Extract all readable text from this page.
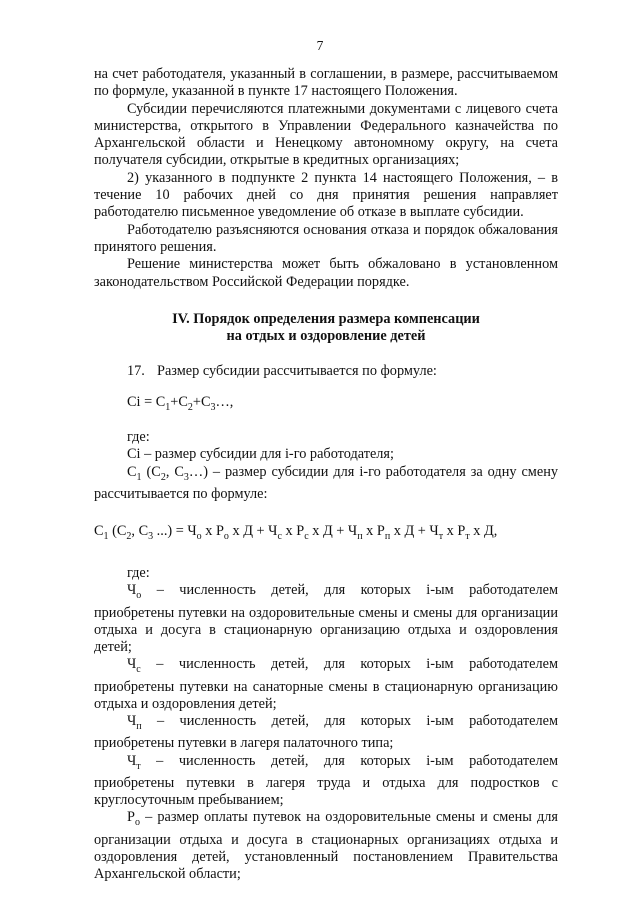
7

на счет работодателя, указанный в соглашении, в размере, рассчитываемом по формуле, указанной в пункте 17 настоящего Положения.

Субсидии перечисляются платежными документами с лицевого счета министерства, открытого в Управлении Федерального казначейства по Архангельской области и Ненецкому автономному округу, на счета получателя субсидии, открытые в кредитных организациях;

2) указанного в подпункте 2 пункта 14 настоящего Положения, – в течение 10 рабочих дней со дня принятия решения направляет работодателю письменное уведомление об отказе в выплате субсидии.

Работодателю разъясняются основания отказа и порядок обжалования принятого решения.

Решение министерства может быть обжаловано в установленном законодательством Российской Федерации порядке.

IV. Порядок определения размера компенсации
на отдых и оздоровление детей

17. Размер субсидии рассчитывается по формуле:

Сi = $С_1+С_2+С_3\dots$,

где:

Сi – размер субсидии для i-го работодателя;

$С_1$ ($С_2$, $С_3\dots$) – размер субсидии для i-го работодателя за одну смену рассчитывается по формуле:

$С_1$ ($С_2$, $С_3$ ...) = $Ч_о$ х $Р_о$ х $Д + Ч_с$ х $Р_с$ х $Д + Ч_п$ х $Р_п$ х $Д + Ч_т$ х $Р_т$ х Д,

где:

$Ч_о$ – численность детей, для которых i-ым работодателем приобретены путевки на оздоровительные смены и смены для организации отдыха и досуга в стационарную организацию отдыха и оздоровления детей;

$Ч_с$ – численность детей, для которых i-ым работодателем приобретены путевки на санаторные смены в стационарную организацию отдыха и оздоровления детей;

$Ч_п$ – численность детей, для которых i-ым работодателем приобретены путевки в лагеря палаточного типа;

$Ч_т$ – численность детей, для которых i-ым работодателем приобретены путевки в лагеря труда и отдыха для подростков с круглосуточным пребыванием;

$Р_о$ – размер оплаты путевок на оздоровительные смены и смены для организации отдыха и досуга в стационарных организациях отдыха и оздоровления детей, установленный постановлением Правительства Архангельской области;
